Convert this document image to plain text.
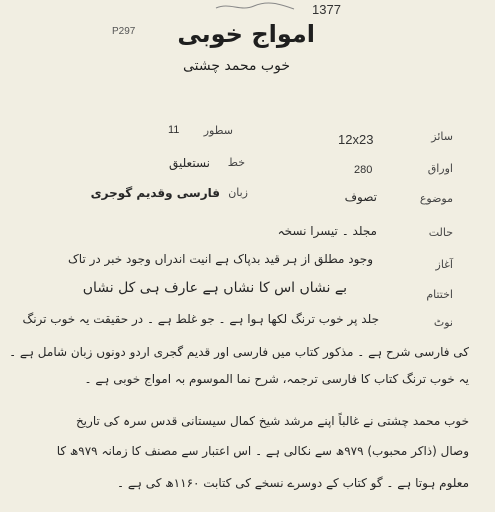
1377
P297 امواج خوبی
خوب محمد چشتی
سائز
اوراق
موضوع
حالت
آغاز
اختتام
نوٹ
12x23
سطور
11
280
خط
نستعلیق
تصوف
زبان
فارسی وقدیم گوجری
مجلد ۔ تیسرا نسخہ
وجود مطلق از ہر قید بدپاک ہے انیت اندراں وجود خبر در تاک
بے نشاں اس کا نشاں ہے عارف ہی کل نشاں
جلد پر خوب ترنگ لکھا ہوا ہے ۔ جو غلط ہے ۔ در حقیقت یہ خوب ترنگ
کی فارسی شرح ہے ۔ مذکور کتاب میں فارسی اور قدیم گجری اردو دونوں زبان شامل ہے ۔
یہ خوب ترنگ کتاب کا فارسی ترجمہ، شرح نما الموسوم بہ امواج خوبی ہے ۔
خوب محمد چشتی نے غالباً اپنے مرشد شیخ کمال سیستانی قدس سرہ کی تاریخ
وصال (ذاکر محبوب) ۹۷۹ھ سے نکالی ہے ۔ اس اعتبار سے مصنف کا زمانہ ۹۷۹ھ کا
معلوم ہوتا ہے ۔ گو کتاب کے دوسرے نسخے کی کتابت ۱۱۶۰ھ کی ہے ۔
